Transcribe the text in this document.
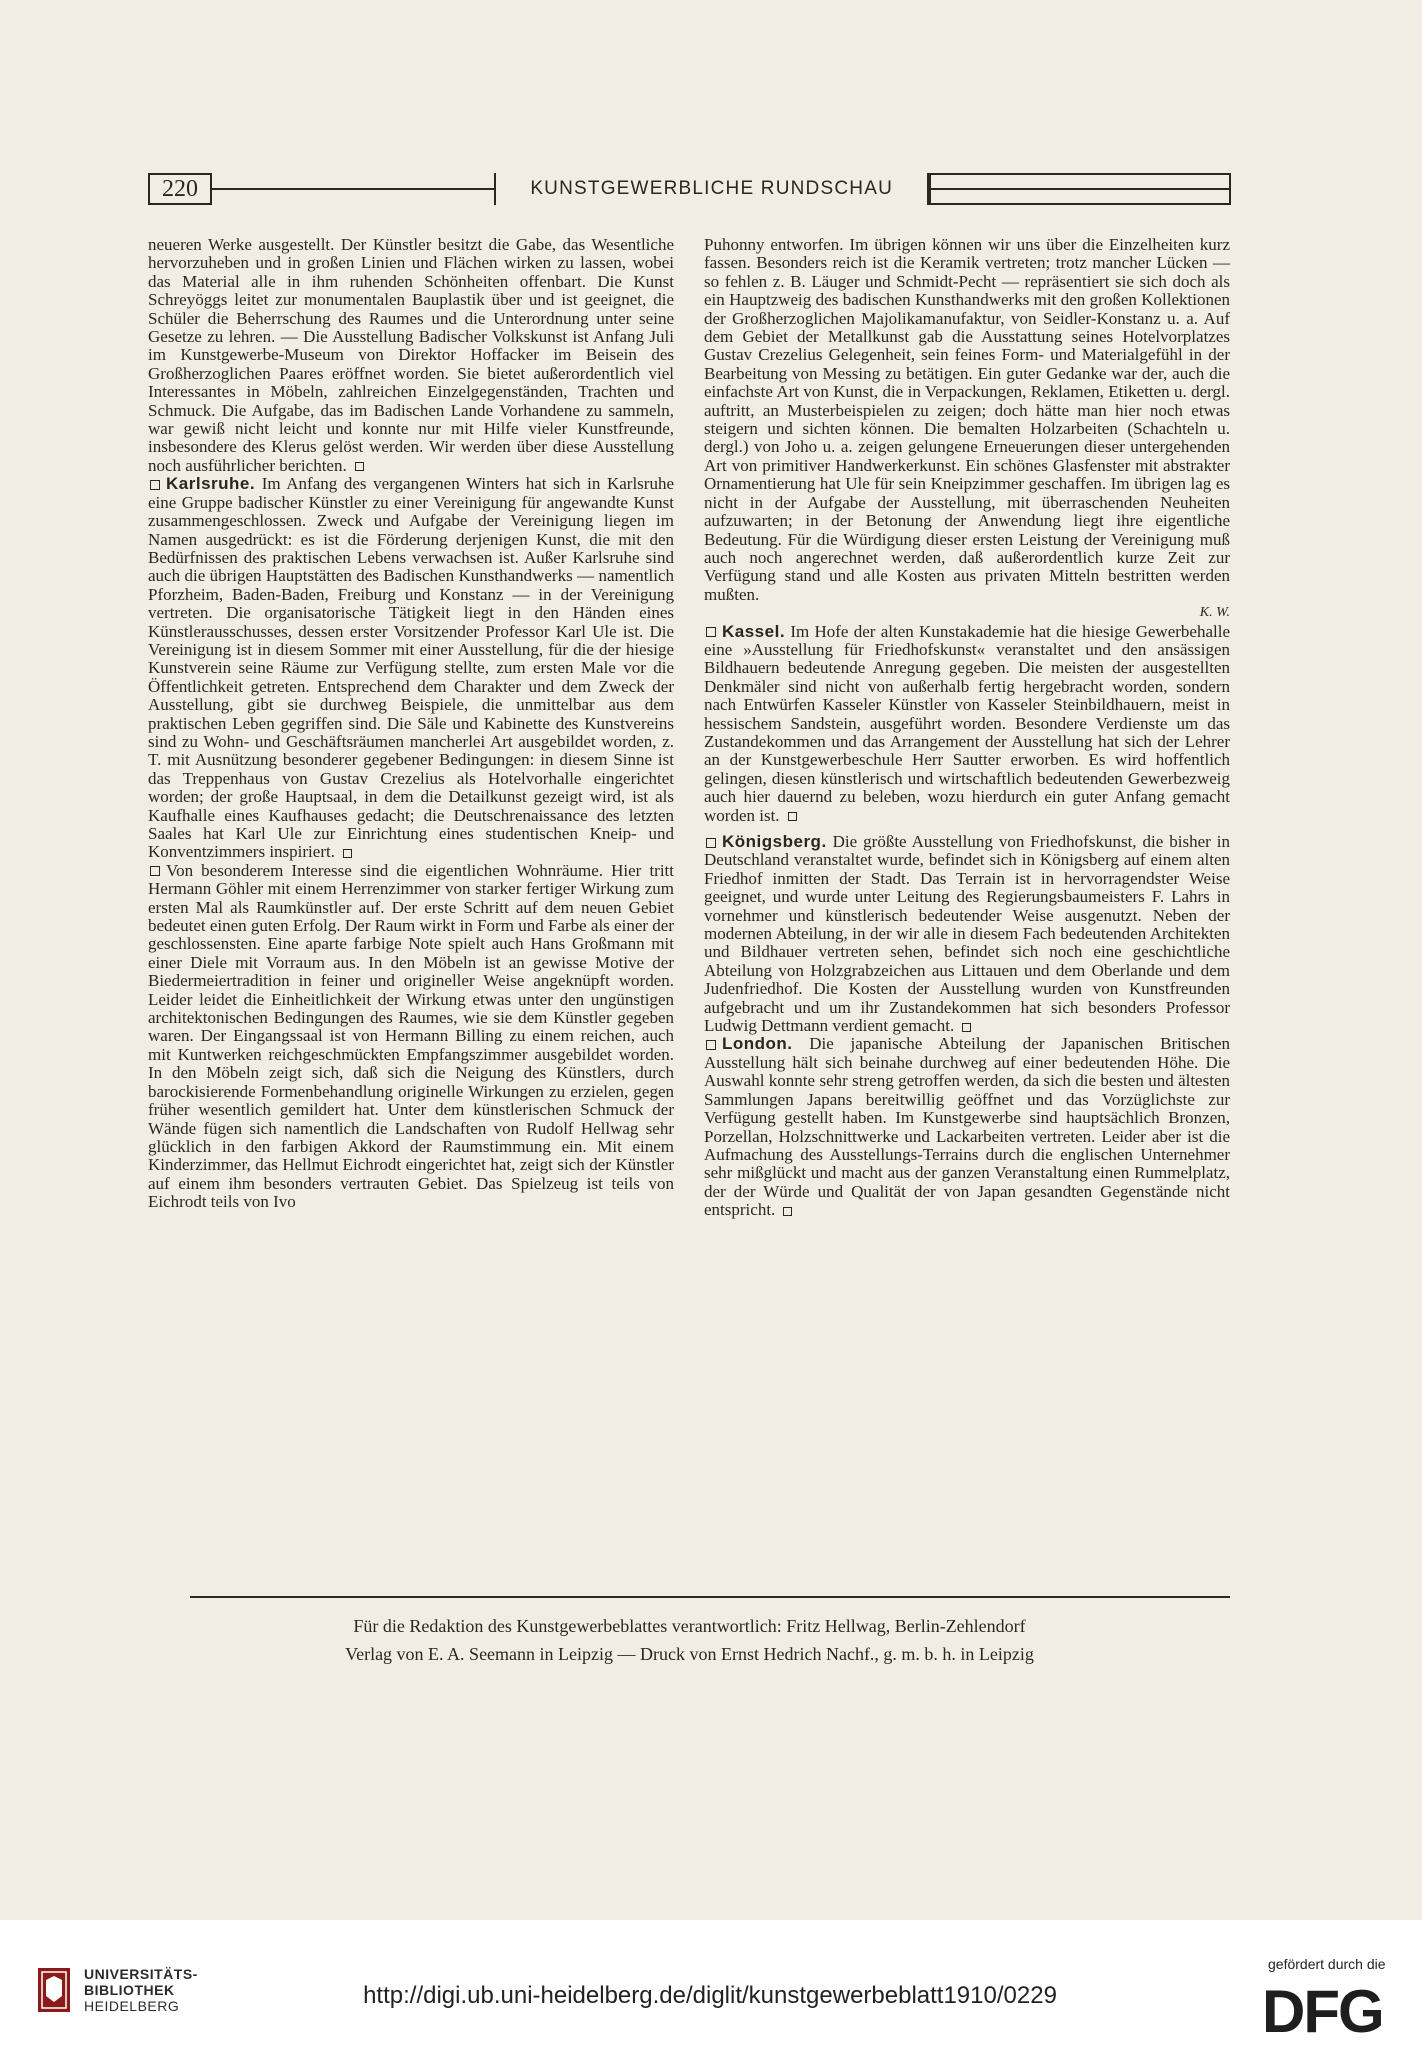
220	KUNSTGEWERBLICHE RUNDSCHAU

neueren Werke ausgestellt. Der Künstler besitzt die Gabe, das Wesentliche hervorzuheben und in großen Linien und Flächen wirken zu lassen, wobei das Material alle in ihm ruhenden Schönheiten offenbart. Die Kunst Schreyöggs leitet zur monumentalen Bauplastik über und ist geeignet, die Schüler die Beherrschung des Raumes und die Unterordnung unter seine Gesetze zu lehren. — Die Ausstellung Badischer Volkskunst ist Anfang Juli im Kunstgewerbe-Museum von Direktor Hoffacker im Beisein des Großherzoglichen Paares eröffnet worden. Sie bietet außerordentlich viel Interessantes in Möbeln, zahlreichen Einzelgegenständen, Trachten und Schmuck. Die Aufgabe, das im Badischen Lande Vorhandene zu sammeln, war gewiß nicht leicht und konnte nur mit Hilfe vieler Kunstfreunde, insbesondere des Klerus gelöst werden. Wir werden über diese Ausstellung noch ausführlicher berichten.

Karlsruhe. Im Anfang des vergangenen Winters hat sich in Karlsruhe eine Gruppe badischer Künstler zu einer Vereinigung für angewandte Kunst zusammengeschlossen. Zweck und Aufgabe der Vereinigung liegen im Namen ausgedrückt: es ist die Förderung derjenigen Kunst, die mit den Bedürfnissen des praktischen Lebens verwachsen ist. Außer Karlsruhe sind auch die übrigen Hauptstätten des Badischen Kunsthandwerks — namentlich Pforzheim, Baden-Baden, Freiburg und Konstanz — in der Vereinigung vertreten. Die organisatorische Tätigkeit liegt in den Händen eines Künstlerausschusses, dessen erster Vorsitzender Professor Karl Ule ist. Die Vereinigung ist in diesem Sommer mit einer Ausstellung, für die der hiesige Kunstverein seine Räume zur Verfügung stellte, zum ersten Male vor die Öffentlichkeit getreten. Entsprechend dem Charakter und dem Zweck der Ausstellung, gibt sie durchweg Beispiele, die unmittelbar aus dem praktischen Leben gegriffen sind. Die Säle und Kabinette des Kunstvereins sind zu Wohn- und Geschäftsräumen mancherlei Art ausgebildet worden, z. T. mit Ausnützung besonderer gegebener Bedingungen: in diesem Sinne ist das Treppenhaus von Gustav Crezelius als Hotelvorhalle eingerichtet worden; der große Hauptsaal, in dem die Detailkunst gezeigt wird, ist als Kaufhalle eines Kaufhauses gedacht; die Deutschrenaissance des letzten Saales hat Karl Ule zur Einrichtung eines studentischen Kneip- und Konventzimmers inspiriert.

Von besonderem Interesse sind die eigentlichen Wohnräume. Hier tritt Hermann Göhler mit einem Herrenzimmer von starker fertiger Wirkung zum ersten Mal als Raumkünstler auf. Der erste Schritt auf dem neuen Gebiet bedeutet einen guten Erfolg. Der Raum wirkt in Form und Farbe als einer der geschlossensten. Eine aparte farbige Note spielt auch Hans Großmann mit einer Diele mit Vorraum aus. In den Möbeln ist an gewisse Motive der Biedermeiertradition in feiner und origineller Weise angeknüpft worden. Leider leidet die Einheitlichkeit der Wirkung etwas unter den ungünstigen architektonischen Bedingungen des Raumes, wie sie dem Künstler gegeben waren. Der Eingangssaal ist von Hermann Billing zu einem reichen, auch mit Kuntwerken reichgeschmückten Empfangszimmer ausgebildet worden. In den Möbeln zeigt sich, daß sich die Neigung des Künstlers, durch barockisierende Formenbehandlung originelle Wirkungen zu erzielen, gegen früher wesentlich gemildert hat. Unter dem künstlerischen Schmuck der Wände fügen sich namentlich die Landschaften von Rudolf Hellwag sehr glücklich in den farbigen Akkord der Raumstimmung ein. Mit einem Kinderzimmer, das Hellmut Eichrodt eingerichtet hat, zeigt sich der Künstler auf einem ihm besonders vertrauten Gebiet. Das Spielzeug ist teils von Eichrodt teils von Ivo

Puhonny entworfen. Im übrigen können wir uns über die Einzelheiten kurz fassen. Besonders reich ist die Keramik vertreten; trotz mancher Lücken — so fehlen z. B. Läuger und Schmidt-Pecht — repräsentiert sie sich doch als ein Hauptzweig des badischen Kunsthandwerks mit den großen Kollektionen der Großherzoglichen Majolikamanufaktur, von Seidler-Konstanz u. a. Auf dem Gebiet der Metallkunst gab die Ausstattung seines Hotelvorplatzes Gustav Crezelius Gelegenheit, sein feines Form- und Materialgefühl in der Bearbeitung von Messing zu betätigen. Ein guter Gedanke war der, auch die einfachste Art von Kunst, die in Verpackungen, Reklamen, Etiketten u. dergl. auftritt, an Musterbeispielen zu zeigen; doch hätte man hier noch etwas steigern und sichten können. Die bemalten Holzarbeiten (Schachteln u. dergl.) von Joho u. a. zeigen gelungene Erneuerungen dieser untergehenden Art von primitiver Handwerkerkunst. Ein schönes Glasfenster mit abstrakter Ornamentierung hat Ule für sein Kneipzimmer geschaffen. Im übrigen lag es nicht in der Aufgabe der Ausstellung, mit überraschenden Neuheiten aufzuwarten; in der Betonung der Anwendung liegt ihre eigentliche Bedeutung. Für die Würdigung dieser ersten Leistung der Vereinigung muß auch noch angerechnet werden, daß außerordentlich kurze Zeit zur Verfügung stand und alle Kosten aus privaten Mitteln bestritten werden mußten.

K. W.

Kassel. Im Hofe der alten Kunstakademie hat die hiesige Gewerbehalle eine »Ausstellung für Friedhofskunst« veranstaltet und den ansässigen Bildhauern bedeutende Anregung gegeben. Die meisten der ausgestellten Denkmäler sind nicht von außerhalb fertig hergebracht worden, sondern nach Entwürfen Kasseler Künstler von Kasseler Steinbildhauern, meist in hessischem Sandstein, ausgeführt worden. Besondere Verdienste um das Zustandekommen und das Arrangement der Ausstellung hat sich der Lehrer an der Kunstgewerbeschule Herr Sautter erworben. Es wird hoffentlich gelingen, diesen künstlerisch und wirtschaftlich bedeutenden Gewerbezweig auch hier dauernd zu beleben, wozu hierdurch ein guter Anfang gemacht worden ist.

Königsberg. Die größte Ausstellung von Friedhofskunst, die bisher in Deutschland veranstaltet wurde, befindet sich in Königsberg auf einem alten Friedhof inmitten der Stadt. Das Terrain ist in hervorragendster Weise geeignet, und wurde unter Leitung des Regierungsbaumeisters F. Lahrs in vornehmer und künstlerisch bedeutender Weise ausgenutzt. Neben der modernen Abteilung, in der wir alle in diesem Fach bedeutenden Architekten und Bildhauer vertreten sehen, befindet sich noch eine geschichtliche Abteilung von Holzgrabzeichen aus Littauen und dem Oberlande und dem Judenfriedhof. Die Kosten der Ausstellung wurden von Kunstfreunden aufgebracht und um ihr Zustandekommen hat sich besonders Professor Ludwig Dettmann verdient gemacht.

London. Die japanische Abteilung der Japanischen Britischen Ausstellung hält sich beinahe durchweg auf einer bedeutenden Höhe. Die Auswahl konnte sehr streng getroffen werden, da sich die besten und ältesten Sammlungen Japans bereitwillig geöffnet und das Vorzüglichste zur Verfügung gestellt haben. Im Kunstgewerbe sind hauptsächlich Bronzen, Porzellan, Holzschnittwerke und Lackarbeiten vertreten. Leider aber ist die Aufmachung des Ausstellungs-Terrains durch die englischen Unternehmer sehr mißglückt und macht aus der ganzen Veranstaltung einen Rummelplatz, der der Würde und Qualität der von Japan gesandten Gegenstände nicht entspricht.

Für die Redaktion des Kunstgewerbeblattes verantwortlich: Fritz Hellwag, Berlin-Zehlendorf
Verlag von E. A. Seemann in Leipzig — Druck von Ernst Hedrich Nachf., g. m. b. h. in Leipzig
UNIVERSITÄTS-
BIBLIOTHEK
HEIDELBERG	http://digi.ub.uni-heidelberg.de/diglit/kunstgewerbeblatt1910/0229
gefördert durch die
DFG
